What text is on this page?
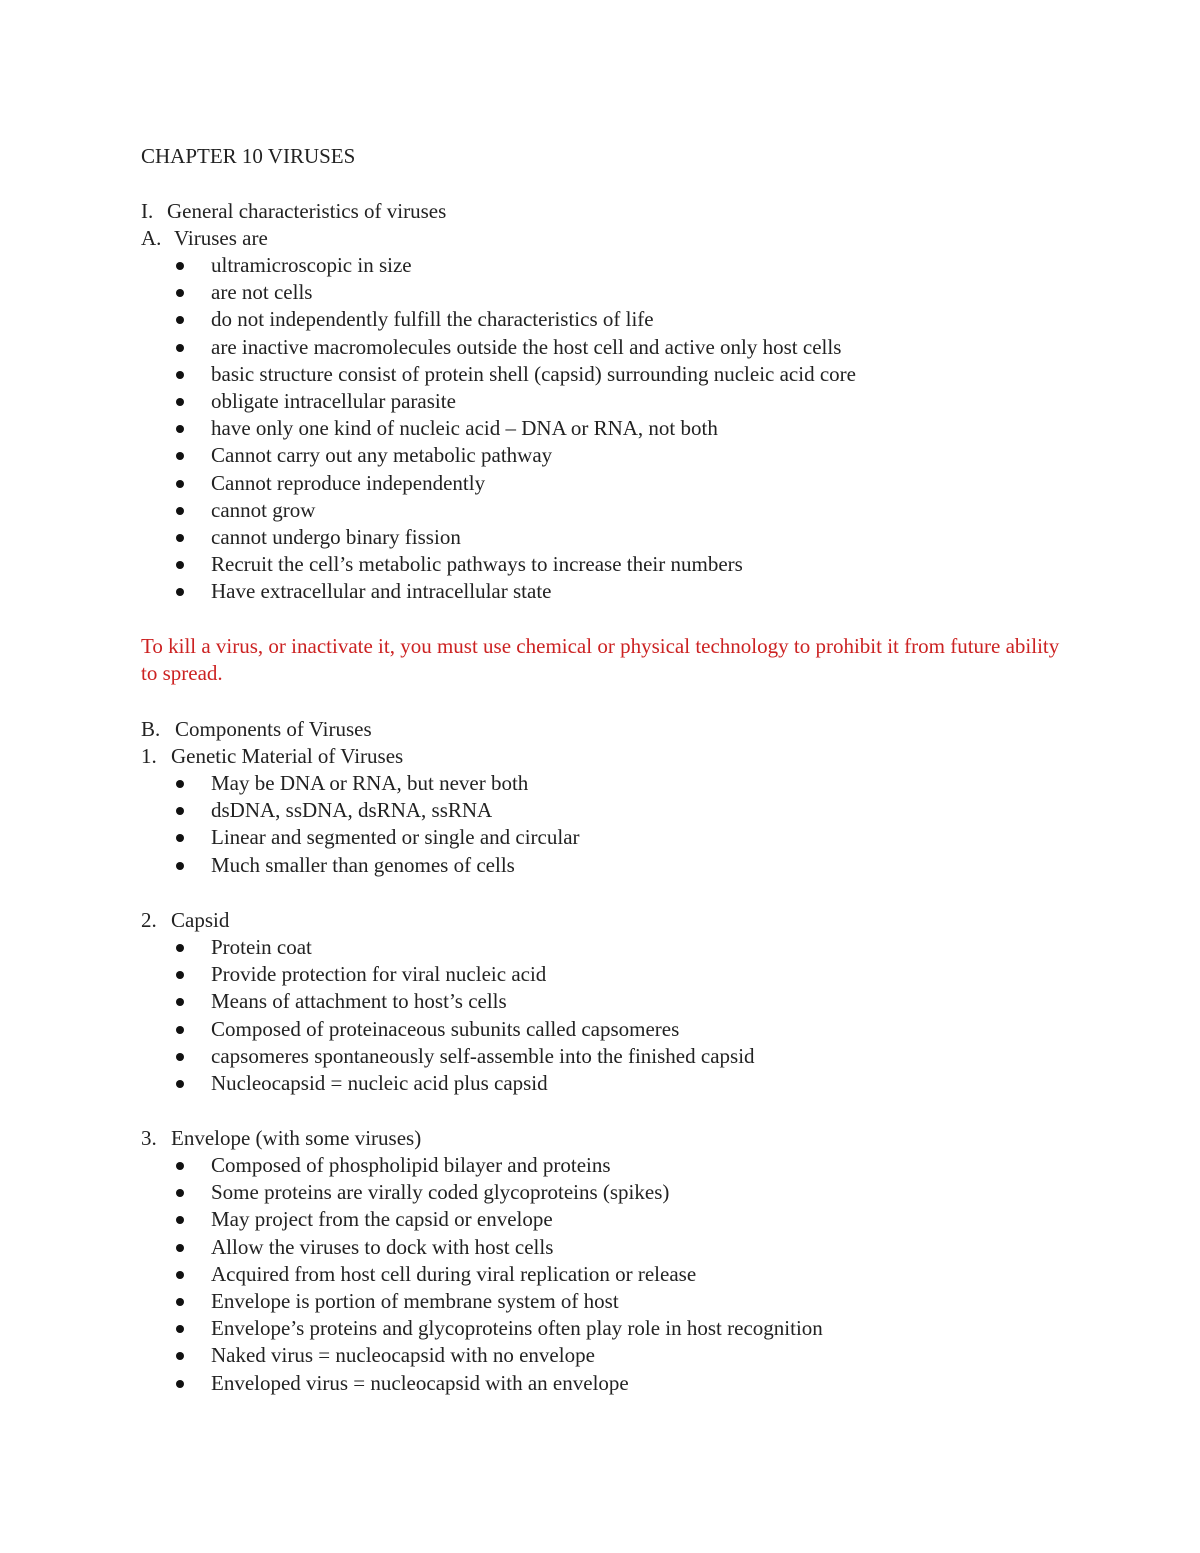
CHAPTER 10 VIRUSES
I. General characteristics of viruses
A. Viruses are
ultramicroscopic in size
are not cells
do not independently fulfill the characteristics of life
are inactive macromolecules outside the host cell and active only host cells
basic structure consist of protein shell (capsid) surrounding nucleic acid core
obligate intracellular parasite
have only one kind of nucleic acid – DNA or RNA, not both
Cannot carry out any metabolic pathway
Cannot reproduce independently
cannot grow
cannot undergo binary fission
Recruit the cell’s metabolic pathways to increase their numbers
Have extracellular and intracellular state
To kill a virus, or inactivate it, you must use chemical or physical technology to prohibit it from future ability to spread.
B. Components of Viruses
1. Genetic Material of Viruses
May be DNA or RNA, but never both
dsDNA, ssDNA, dsRNA, ssRNA
Linear and segmented or single and circular
Much smaller than genomes of cells
2. Capsid
Protein coat
Provide protection for viral nucleic acid
Means of attachment to host’s cells
Composed of proteinaceous subunits called capsomeres
capsomeres spontaneously self-assemble into the finished capsid
Nucleocapsid = nucleic acid plus capsid
3. Envelope (with some viruses)
Composed of phospholipid bilayer and proteins
Some proteins are virally coded glycoproteins (spikes)
May project from the capsid or envelope
Allow the viruses to dock with host cells
Acquired from host cell during viral replication or release
Envelope is portion of membrane system of host
Envelope’s proteins and glycoproteins often play role in host recognition
Naked virus = nucleocapsid with no envelope
Enveloped virus = nucleocapsid with an envelope
